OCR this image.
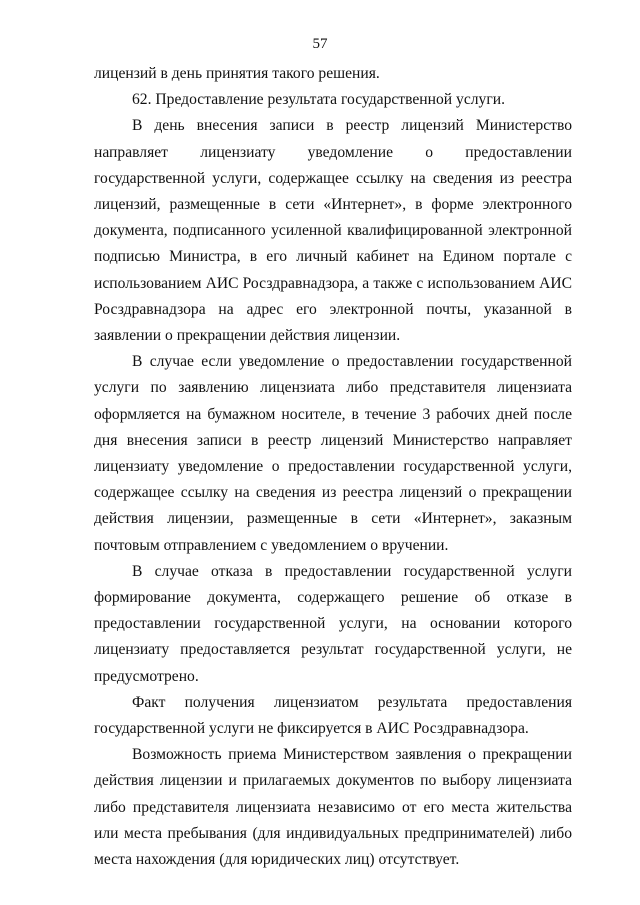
57

лицензий в день принятия такого решения.

62. Предоставление результата государственной услуги.

В день внесения записи в реестр лицензий Министерство направляет лицензиату уведомление о предоставлении государственной услуги, содержащее ссылку на сведения из реестра лицензий, размещенные в сети «Интернет», в форме электронного документа, подписанного усиленной квалифицированной электронной подписью Министра, в его личный кабинет на Едином портале с использованием АИС Росздравнадзора, а также с использованием АИС Росздравнадзора на адрес его электронной почты, указанной в заявлении о прекращении действия лицензии.

В случае если уведомление о предоставлении государственной услуги по заявлению лицензиата либо представителя лицензиата оформляется на бумажном носителе, в течение 3 рабочих дней после дня внесения записи в реестр лицензий Министерство направляет лицензиату уведомление о предоставлении государственной услуги, содержащее ссылку на сведения из реестра лицензий о прекращении действия лицензии, размещенные в сети «Интернет», заказным почтовым отправлением с уведомлением о вручении.

В случае отказа в предоставлении государственной услуги формирование документа, содержащего решение об отказе в предоставлении государственной услуги, на основании которого лицензиату предоставляется результат государственной услуги, не предусмотрено.

Факт получения лицензиатом результата предоставления государственной услуги не фиксируется в АИС Росздравнадзора.

Возможность приема Министерством заявления о прекращении действия лицензии и прилагаемых документов по выбору лицензиата либо представителя лицензиата независимо от его места жительства или места пребывания (для индивидуальных предпринимателей) либо места нахождения (для юридических лиц) отсутствует.
